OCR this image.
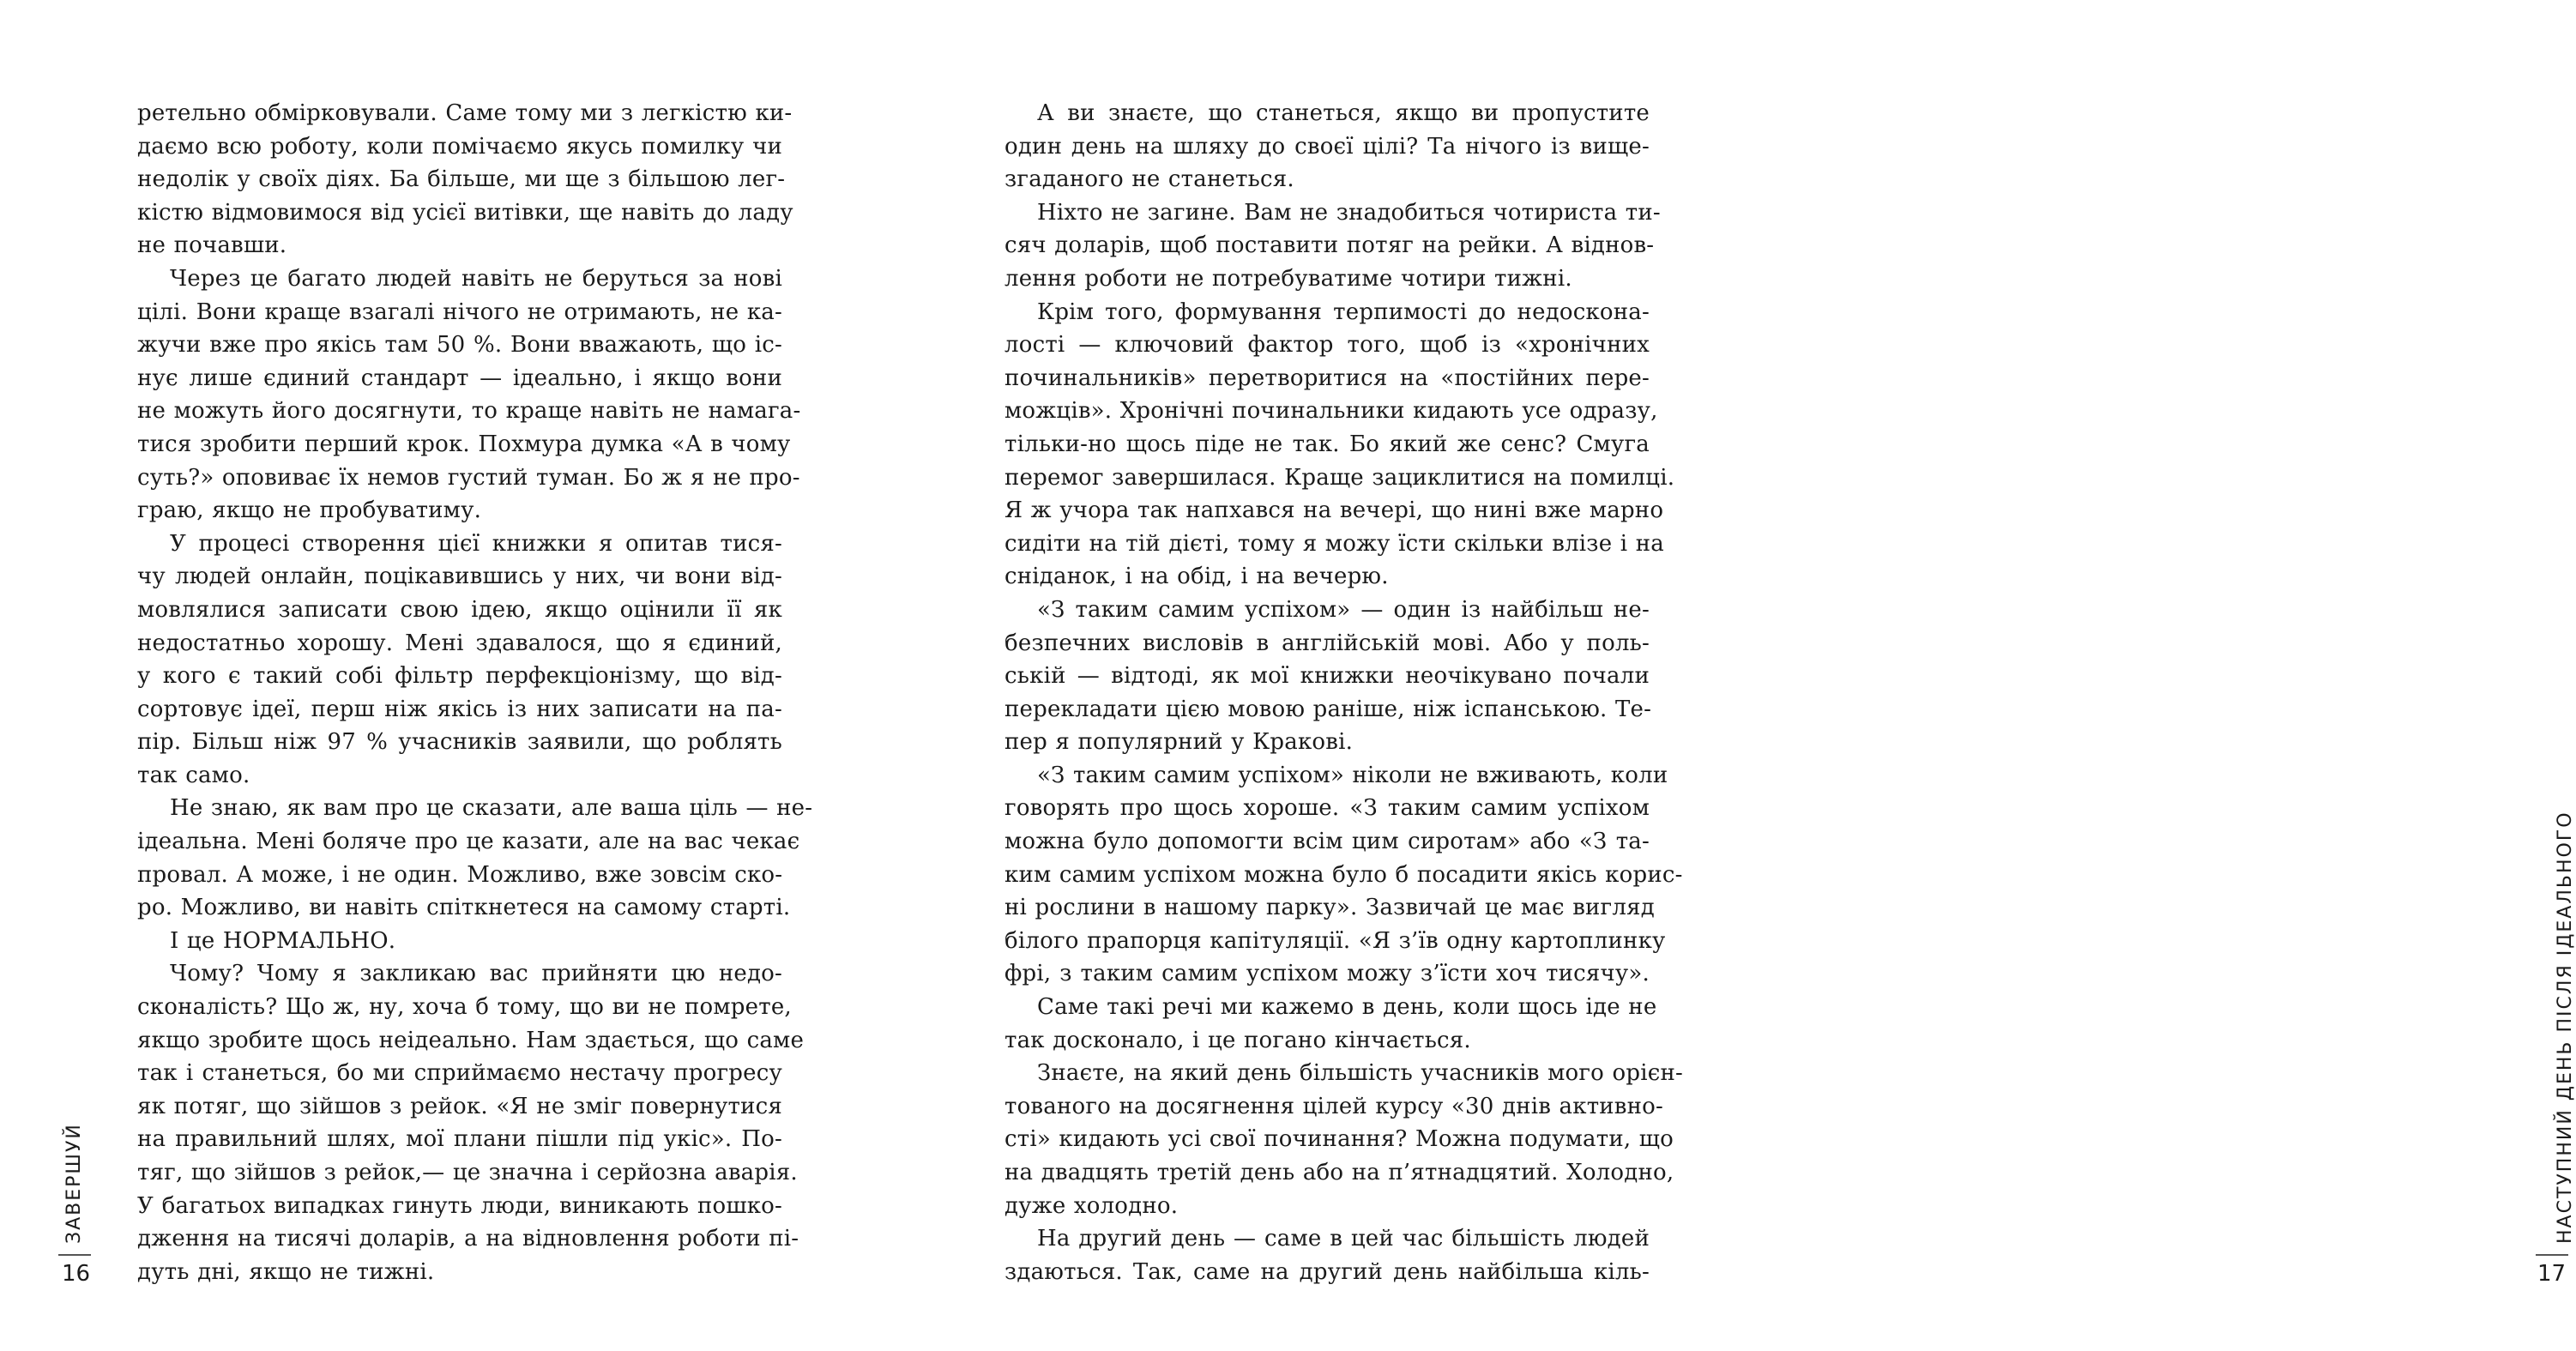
ретельно обмірковували. Саме тому ми з легкістю ки-
даємо всю роботу, коли помічаємо якусь помилку чи
недолік у своїх діях. Ба більше, ми ще з більшою лег-
кістю відмовимося від усієї витівки, ще навіть до ладу
не почавши.
Через це багато людей навіть не беруться за нові
цілі. Вони краще взагалі нічого не отримають, не ка-
жучи вже про якісь там 50 %. Вони вважають, що іс-
нує лише єдиний стандарт — ідеально, і якщо вони
не можуть його досягнути, то краще навіть не намага-
тися зробити перший крок. Похмура думка «А в чому
суть?» оповиває їх немов густий туман. Бо ж я не про-
граю, якщо не пробуватиму.
У процесі створення цієї книжки я опитав тися-
чу людей онлайн, поцікавившись у них, чи вони від-
мовлялися записати свою ідею, якщо оцінили її як
недостатньо хорошу. Мені здавалося, що я єдиний,
у кого є такий собі фільтр перфекціонізму, що від-
сортовує ідеї, перш ніж якісь із них записати на па-
пір. Більш ніж 97 % учасників заявили, що роблять
так само.
Не знаю, як вам про це сказати, але ваша ціль — не-
ідеальна. Мені боляче про це казати, але на вас чекає
провал. А може, і не один. Можливо, вже зовсім ско-
ро. Можливо, ви навіть спіткнетеся на самому старті.
І це НОРМАЛЬНО.
Чому? Чому я закликаю вас прийняти цю недо-
сконаліcть? Що ж, ну, хоча б тому, що ви не помрете,
якщо зробите щось неідеально. Нам здається, що саме
так і станеться, бо ми сприймаємо нестачу прогресу
як потяг, що зійшов з рейок. «Я не зміг повернутися
на правильний шлях, мої плани пішли під укіс». По-
тяг, що зійшов з рейок,— це значна і серйозна аварія.
У багатьох випадках гинуть люди, виникають пошко-
дження на тисячі доларів, а на відновлення роботи пі-
дуть дні, якщо не тижні.
ЗАВЕРШУЙ
16
А ви знаєте, що станеться, якщо ви пропустите
один день на шляху до своєї цілі? Та нічого із вище-
згаданого не станеться.
Ніхто не загине. Вам не знадобиться чотириста ти-
сяч доларів, щоб поставити потяг на рейки. А віднов-
лення роботи не потребуватиме чотири тижні.
Крім того, формування терпимості до недоскона-
лості — ключовий фактор того, щоб із «хронічних
починальників» перетворитися на «постійних пере-
можців». Хронічні починальники кидають усе одразу,
тільки-но щось піде не так. Бо який же сенс? Смуга
перемог завершилася. Краще зациклитися на помилці.
Я ж учора так напхався на вечері, що нині вже марно
сидіти на тій дієті, тому я можу їсти скільки влізе і на
сніданок, і на обід, і на вечерю.
«З таким самим успіхом» — один із найбільш не-
безпечних висловів в англійській мові. Або у поль-
ській — відтоді, як мої книжки неочікувано почали
перекладати цією мовою раніше, ніж іспанською. Те-
пер я популярний у Кракові.
«З таким самим успіхом» ніколи не вживають, коли
говорять про щось хороше. «З таким самим успіхом
можна було допомогти всім цим сиротам» або «З та-
ким самим успіхом можна було б посадити якісь корис-
ні рослини в нашому парку». Зазвичай це має вигляд
білого прапорця капітуляції. «Я з’їв одну картоплинку
фрі, з таким самим успіхом можу з’їсти хоч тисячу».
Саме такі речі ми кажемо в день, коли щось іде не
так досконало, і це погано кінчається.
Знаєте, на який день більшість учасників мого орієн-
тованого на досягнення цілей курсу «30 днів активно-
сті» кидають усі свої починання? Можна подумати, що
на двадцять третій день або на п’ятнадцятий. Холодно,
дуже холодно.
На другий день — саме в цей час більшість людей
здаються. Так, саме на другий день найбільша кіль-
НАСТУПНИЙ ДЕНЬ ПІСЛЯ ІДЕАЛЬНОГО
17
